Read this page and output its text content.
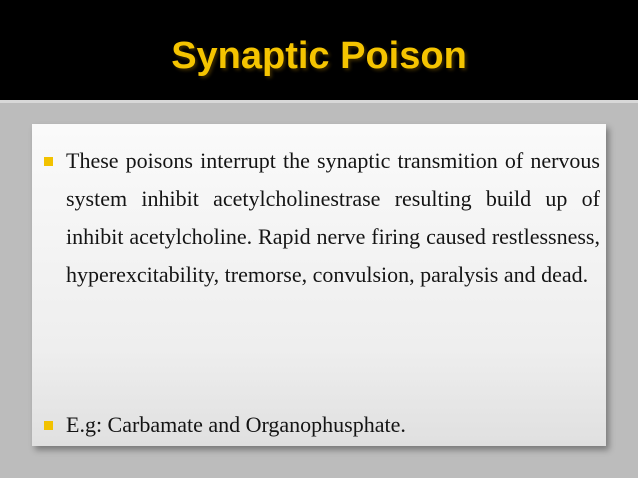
Synaptic Poison
These poisons interrupt the synaptic transmition of nervous system inhibit acetylcholinestrase resulting build up of inhibit acetylcholine. Rapid nerve firing caused restlessness, hyperexcitability, tremorse, convulsion, paralysis and dead.
E.g: Carbamate and Organophusphate.
